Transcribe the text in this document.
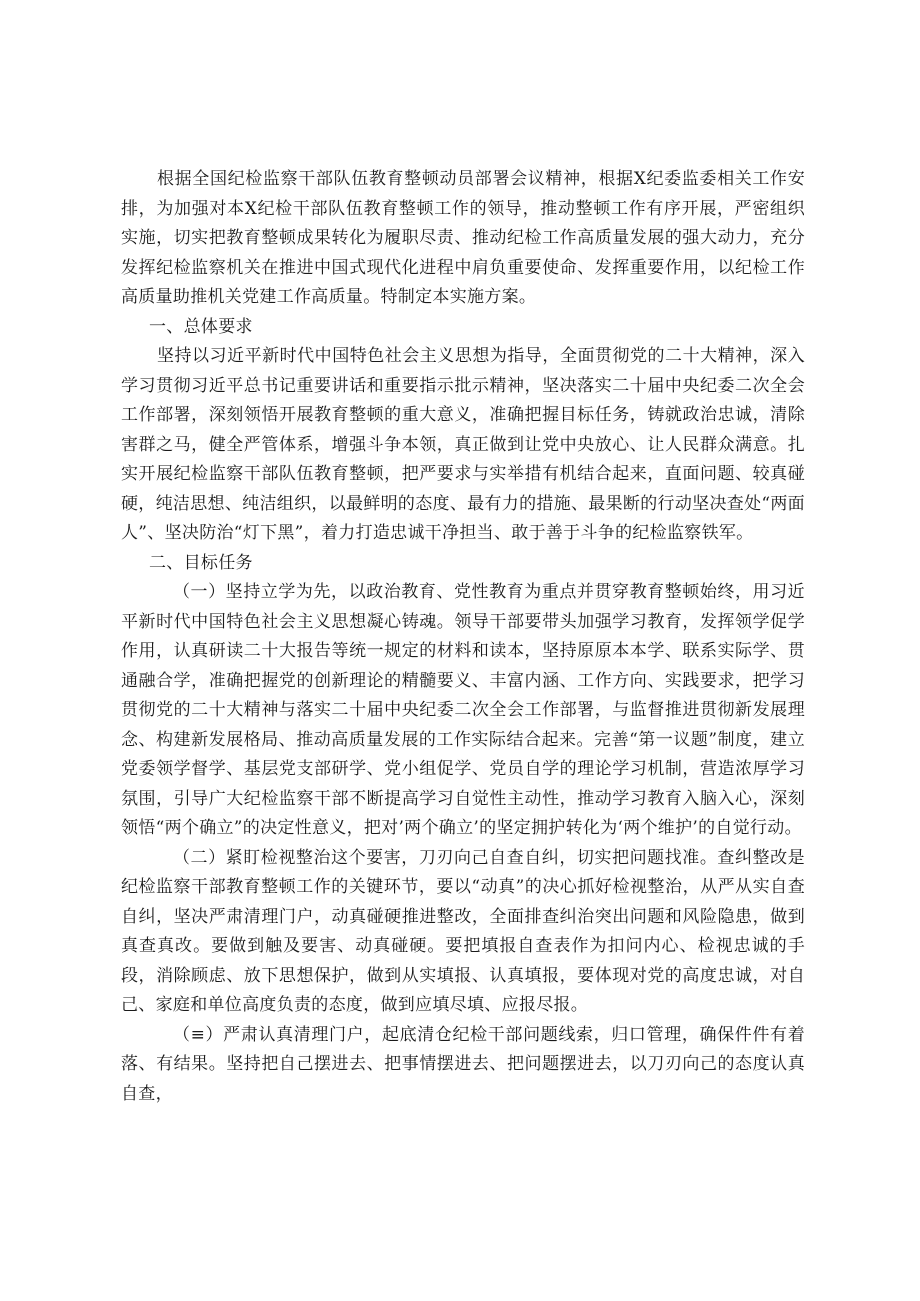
根据全国纪检监察干部队伍教育整顿动员部署会议精神，根据X纪委监委相关工作安排，为加强对本X纪检干部队伍教育整顿工作的领导，推动整顿工作有序开展，严密组织实施，切实把教育整顿成果转化为履职尽责、推动纪检工作高质量发展的强大动力，充分发挥纪检监察机关在推进中国式现代化进程中肩负重要使命、发挥重要作用，以纪检工作高质量助推机关党建工作高质量。特制定本实施方案。

一、总体要求

坚持以习近平新时代中国特色社会主义思想为指导，全面贯彻党的二十大精神，深入学习贯彻习近平总书记重要讲话和重要指示批示精神，坚决落实二十届中央纪委二次全会工作部署，深刻领悟开展教育整顿的重大意义，准确把握目标任务，铸就政治忠诚，清除害群之马，健全严管体系，增强斗争本领，真正做到让党中央放心、让人民群众满意。扎实开展纪检监察干部队伍教育整顿，把严要求与实举措有机结合起来，直面问题、较真碰硬，纯洁思想、纯洁组织，以最鲜明的态度、最有力的措施、最果断的行动坚决查处“两面人”、坚决防治“灯下黑”，着力打造忠诚干净担当、敢于善于斗争的纪检监察铁军。

二、目标任务

（一）坚持立学为先，以政治教育、党性教育为重点并贯穿教育整顿始终，用习近平新时代中国特色社会主义思想凝心铸魂。领导干部要带头加强学习教育，发挥领学促学作用，认真研读二十大报告等统一规定的材料和读本，坚持原原本本学、联系实际学、贯通融合学，准确把握党的创新理论的精髓要义、丰富内涵、工作方向、实践要求，把学习贯彻党的二十大精神与落实二十届中央纪委二次全会工作部署，与监督推进贯彻新发展理念、构建新发展格局、推动高质量发展的工作实际结合起来。完善“第一议题”制度，建立党委领学督学、基层党支部研学、党小组促学、党员自学的理论学习机制，营造浓厚学习氛围，引导广大纪检监察干部不断提高学习自觉性主动性，推动学习教育入脑入心，深刻领悟“两个确立”的决定性意义，把对’两个确立’的坚定拥护转化为‘两个维护’的自觉行动。

（二）紧盯检视整治这个要害，刀刃向己自查自纠，切实把问题找准。查纠整改是纪检监察干部教育整顿工作的关键环节，要以“动真”的决心抓好检视整治，从严从实自查自纠，坚决严肃清理门户，动真碰硬推进整改，全面排查纠治突出问题和风险隐患，做到真查真改。要做到触及要害、动真碰硬。要把填报自查表作为扣问内心、检视忠诚的手段，消除顾虑、放下思想保护，做到从实填报、认真填报，要体现对党的高度忠诚，对自己、家庭和单位高度负责的态度，做到应填尽填、应报尽报。

（≡）严肃认真清理门户，起底清仓纪检干部问题线索，归口管理，确保件件有着落、有结果。坚持把自己摆进去、把事情摆进去、把问题摆进去，以刀刃向己的态度认真自查，
